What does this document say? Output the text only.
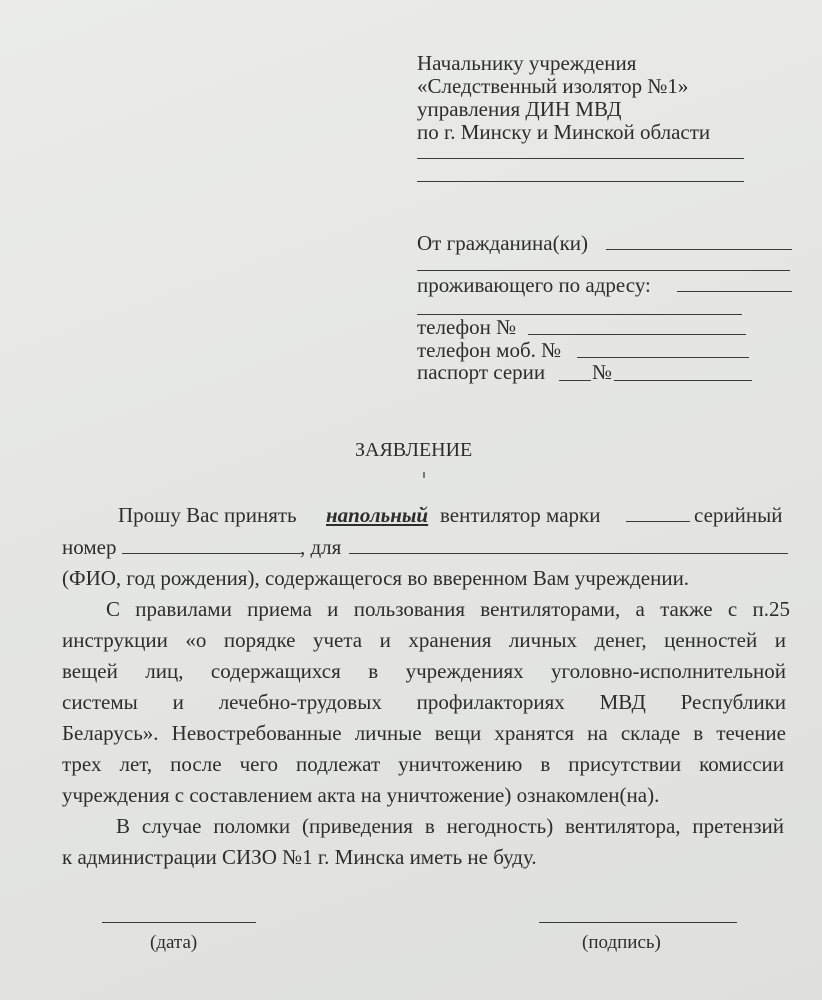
Начальнику учреждения
«Следственный изолятор №1»
управления ДИН МВД
по г. Минску и Минской области
От гражданина(ки)
проживающего по адресу:
телефон №
телефон моб. №
паспорт серии №
ЗАЯВЛЕНИЕ
Прошу Вас принять напольный вентилятор марки	серийный
номер	, для
(ФИО, год рождения), содержащегося во вверенном Вам учреждении.
С правилами приема и пользования вентиляторами, а также с п.25
инструкции «о порядке учета и хранения личных денег, ценностей и
вещей лиц, содержащихся в учреждениях уголовно-исполнительной
системы и лечебно-трудовых профилакториях МВД Республики
Беларусь». Невостребованные личные вещи хранятся на складе в течение
трех лет, после чего подлежат уничтожению в присутствии комиссии
учреждения с составлением акта на уничтожение) ознакомлен(на).
В случае поломки (приведения в негодность) вентилятора, претензий
к администрации СИЗО №1 г. Минска иметь не буду.
(дата)	(подпись)
